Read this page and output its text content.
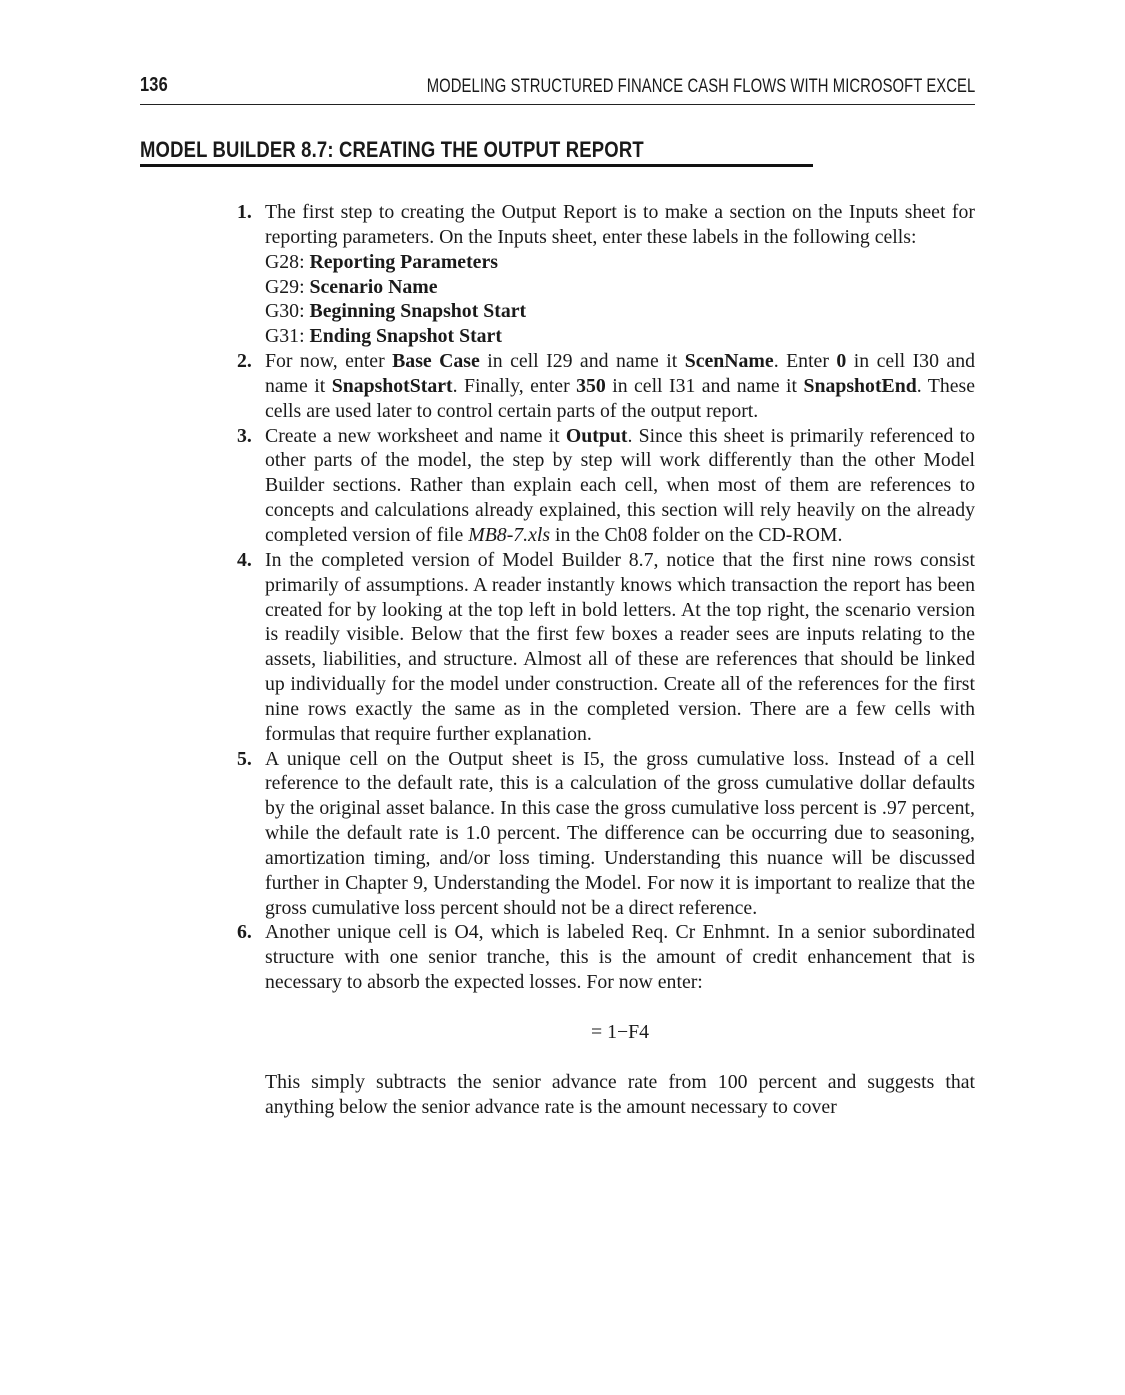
136	MODELING STRUCTURED FINANCE CASH FLOWS WITH MICROSOFT EXCEL
MODEL BUILDER 8.7: CREATING THE OUTPUT REPORT
1. The first step to creating the Output Report is to make a section on the Inputs sheet for reporting parameters. On the Inputs sheet, enter these labels in the following cells:
G28: Reporting Parameters
G29: Scenario Name
G30: Beginning Snapshot Start
G31: Ending Snapshot Start
2. For now, enter Base Case in cell I29 and name it ScenName. Enter 0 in cell I30 and name it SnapshotStart. Finally, enter 350 in cell I31 and name it SnapshotEnd. These cells are used later to control certain parts of the output report.
3. Create a new worksheet and name it Output. Since this sheet is primarily referenced to other parts of the model, the step by step will work differently than the other Model Builder sections. Rather than explain each cell, when most of them are references to concepts and calculations already explained, this section will rely heavily on the already completed version of file MB8-7.xls in the Ch08 folder on the CD-ROM.
4. In the completed version of Model Builder 8.7, notice that the first nine rows consist primarily of assumptions. A reader instantly knows which transaction the report has been created for by looking at the top left in bold letters. At the top right, the scenario version is readily visible. Below that the first few boxes a reader sees are inputs relating to the assets, liabilities, and structure. Almost all of these are references that should be linked up individually for the model under construction. Create all of the references for the first nine rows exactly the same as in the completed version. There are a few cells with formulas that require further explanation.
5. A unique cell on the Output sheet is I5, the gross cumulative loss. Instead of a cell reference to the default rate, this is a calculation of the gross cumulative dollar defaults by the original asset balance. In this case the gross cumulative loss percent is .97 percent, while the default rate is 1.0 percent. The difference can be occurring due to seasoning, amortization timing, and/or loss timing. Understanding this nuance will be discussed further in Chapter 9, Understanding the Model. For now it is important to realize that the gross cumulative loss percent should not be a direct reference.
6. Another unique cell is O4, which is labeled Req. Cr Enhmnt. In a senior subordinated structure with one senior tranche, this is the amount of credit enhancement that is necessary to absorb the expected losses. For now enter:
= 1−F4
This simply subtracts the senior advance rate from 100 percent and suggests that anything below the senior advance rate is the amount necessary to cover
